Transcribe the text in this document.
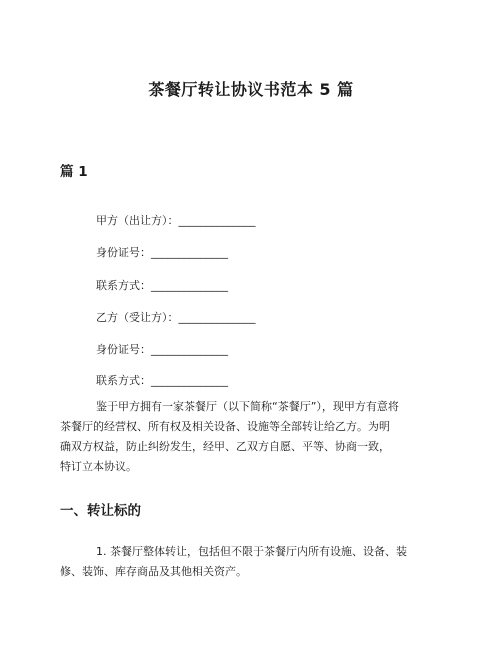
茶餐厅转让协议书范本 5 篇
篇 1
甲方（出让方）：______________
身份证号：______________
联系方式：______________
乙方（受让方）：______________
身份证号：______________
联系方式：______________
鉴于甲方拥有一家茶餐厅（以下简称“茶餐厅”），现甲方有意将
茶餐厅的经营权、所有权及相关设备、设施等全部转让给乙方。为明
确双方权益，防止纠纷发生，经甲、乙双方自愿、平等、协商一致，
特订立本协议。
一、转让标的
1. 茶餐厅整体转让，包括但不限于茶餐厅内所有设施、设备、装
修、装饰、库存商品及其他相关资产。
